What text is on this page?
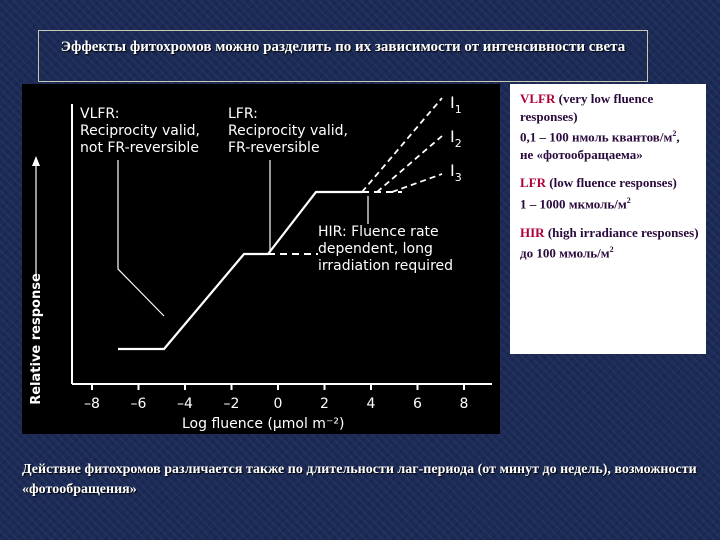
Эффекты фитохромов можно разделить по их зависимости от интенсивности света
Relative response	–8 –6 –4 –2 0	2	4	6	8
Log fluence (μmol m⁻²)
$I_1$
$I_2$
$I_3$
VLFR: Reciprocity valid, not FR-reversible
LFR: Reciprocity valid, FR-reversible
HIR: Fluence rate dependent, long irradiation required

VLFR (very low fluence responses)
0,1 – 100 нмоль квантов/$м^2$,
не «фотообращаема»

LFR (low fluence responses)
1 – 1000 мкмоль/$м^2$

HIR (high irradiance responses)
до 100 ммоль/$м^2$

Действие фитохромов различается также по длительности лаг-периода (от минут до недель), возможности «фотообращения»
